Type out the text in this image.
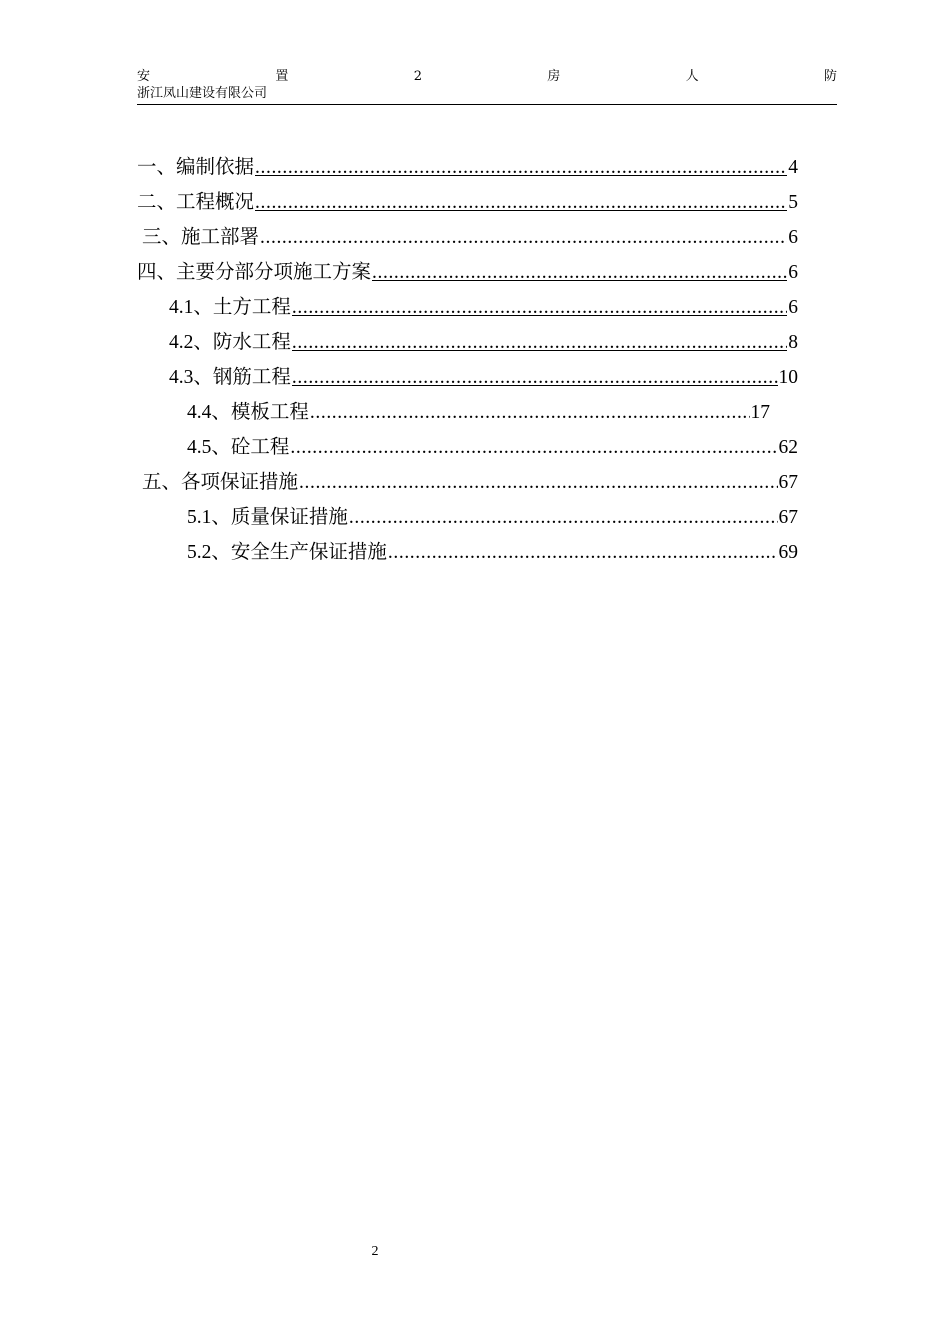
安	置	2	房	人	防
浙江凤山建设有限公司
一、编制依据 .....	4
二、工程概况 .....	5
三、施工部署 .....	6
四、主要分部分项施工方案 .....	6
4.1 、土方工程 .....	6
4.2 、防水工程 .....	8
4.3 、钢筋工程 .....	10
4.4 、模板工程 .....	17
4.5 、砼工程 .....	62
五、各项保证措施 .....	67
5.1 、质量保证措施 .....	67
5.2 、安全生产保证措施 .....	69
2
